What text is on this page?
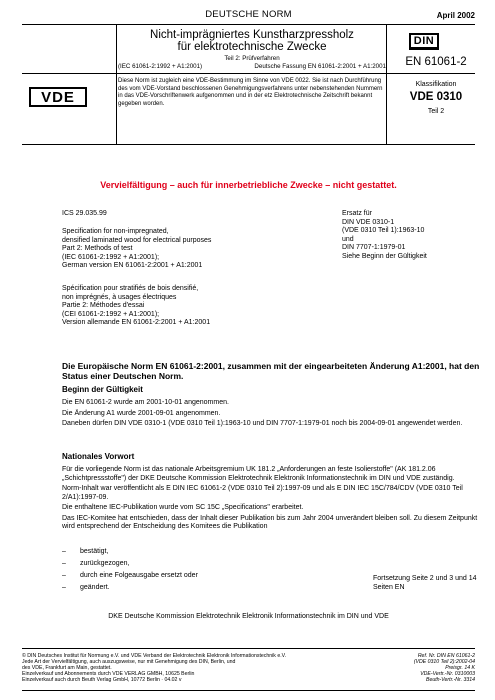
DEUTSCHE NORM	April 2002
Nicht-imprägniertes Kunstharzpressholz
für elektrotechnische Zwecke
Teil 2: Prüfverfahren
(IEC 61061-2:1992 + A1:2001)	Deutsche Fassung EN 61061-2:2001 + A1:2001
DIN
EN 61061-2
VDE
Diese Norm ist zugleich eine VDE-Bestimmung im Sinne von VDE 0022. Sie ist nach Durchführung des vom VDE-Vorstand beschlossenen Genehmigungsverfahrens unter nebenstehenden Nummern in das VDE-Vorschriftenwerk aufgenommen und in der etz Elektrotechnische Zeitschrift bekannt gegeben worden.
Klassifikation
VDE 0310
Teil 2
Vervielfältigung – auch für innerbetriebliche Zwecke – nicht gestattet.
ICS 29.035.99
Specification for non-impregnated,
densified laminated wood for electrical purposes
Part 2: Methods of test
(IEC 61061-2:1992 + A1:2001);
German version EN 61061-2:2001 + A1:2001
Spécification pour stratifiés de bois densifié,
non imprégnés, à usages électriques
Partie 2: Méthodes d'essai
(CEI 61061-2:1992 + A1:2001);
Version allemande EN 61061-2:2001 + A1:2001
Ersatz für
DIN VDE 0310-1
(VDE 0310 Teil 1):1963-10
und
DIN 7707-1:1979-01
Siehe Beginn der Gültigkeit
Die Europäische Norm EN 61061-2:2001, zusammen mit der eingearbeiteten Änderung A1:2001, hat den Status einer Deutschen Norm.
Beginn der Gültigkeit

Die EN 61061-2 wurde am 2001-10-01 angenommen.

Die Änderung A1 wurde 2001-09-01 angenommen.

Daneben dürfen DIN VDE 0310-1 (VDE 0310 Teil 1):1963-10 und DIN 7707-1:1979-01 noch bis 2004-09-01 angewendet werden.

Nationales Vorwort

Für die vorliegende Norm ist das nationale Arbeitsgremium UK 181.2 „Anforderungen an feste Isolierstoffe" (AK 181.2.06 „Schichtpressstoffe") der DKE Deutsche Kommission Elektrotechnik Elektronik Informationstechnik im DIN und VDE zuständig.

Norm-Inhalt war veröffentlicht als E DIN IEC 61061-2 (VDE 0310 Teil 2):1997-09 und als E DIN IEC 15C/784/CDV (VDE 0310 Teil 2/A1):1997-09.

Die enthaltene IEC-Publikation wurde vom SC 15C „Specifications" erarbeitet.

Das IEC-Komitee hat entschieden, dass der Inhalt dieser Publikation bis zum Jahr 2004 unverändert bleiben soll. Zu diesem Zeitpunkt wird entsprechend der Entscheidung des Komitees die Publikation

–	bestätigt,
–	zurückgezogen,
–	durch eine Folgeausgabe ersetzt oder
–	geändert.
Fortsetzung Seite 2 und 3 und 14 Seiten EN
DKE Deutsche Kommission Elektrotechnik Elektronik Informationstechnik im DIN und VDE
© DIN Deutsches Institut für Normung e.V. und VDE Verband der Elektrotechnik Elektronik Informationstechnik e.V.
Jede Art der Vervielfältigung, auch auszugsweise, nur mit Genehmigung des DIN, Berlin, und
des VDE, Frankfurt am Main, gestattet.
Einzelverkauf und Abonnements durch VDE VERLAG GMBH, 10625 Berlin
Einzelverkauf auch durch Beuth Verlag GmbH, 10772 Berlin · 04.02 v
Ref. Nr. DIN EN 61061-2
(VDE 0310 Teil 2):2002-04
Preisgr. 14 K
VDE-Vertr.-Nr. 0310003
Beuth-Vertr.-Nr. 3314
